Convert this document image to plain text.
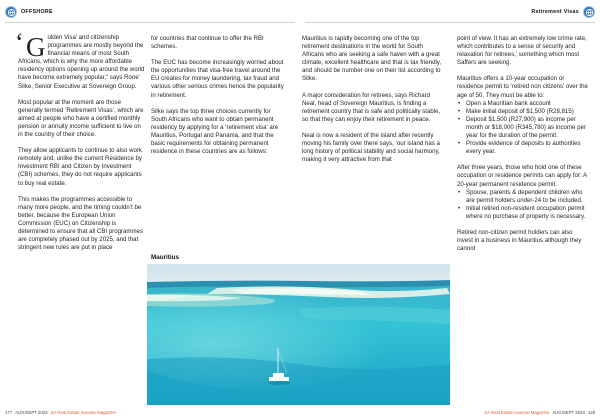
OFFSHORE	Retirement Visas

‘ G olden Visa’ and citizenship programmes are mostly beyond the financial means of most South Africans, which is why the more affordable residency options opening up around the world have become extremely popular,” says Rone’ Silke, Senior Executive at Sovereign Group.

Most popular at the moment are those generally termed ‘Retirement Visas’, which are aimed at people who have a certified monthly pension or annuity income sufficient to live on in the country of their choice.

They allow applicants to continue to also work remotely and, unlike the current Residence by Investment RBI and Citizen by Investment (CBI) schemes, they do not require applicants to buy real estate.

This makes the programmes accessible to many more people, and the timing couldn’t be better, because the European Union Commission (EUC) on Citizenship is determined to ensure that all CBI programmes are completely phased out by 2025, and that stringent new rules are put in place

for countries that continue to offer the RBI schemes.

The EUC has become increasingly worried about the opportunities that visa-free travel around the EU creates for money laundering, tax fraud and various other serious crimes hence the popularity in retirement.

Silke says the top three choices currently for South Africans who want to obtain permanent residency by applying for a ‘retirement visa’ are Mauritius, Portugal and Panama, and that the basic requirements for obtaining permanent residence in these countries are as follows:

Mauritius

Mauritius is rapidly becoming one of the top retirement destinations in the world for South Africans who are seeking a safe haven with a great climate, excellent healthcare and that is tax friendly, and should be number one on their list according to Silke.

A major consideration for retirees, says Richard Neal, head of Sovereign Mauritius, is finding a retirement country that is safe and politically stable, so that they can enjoy their retirement in peace.

Neal is now a resident of the island after recently moving his family over there says, ‘our island has a long history of political stability and social harmony, making it very attractive from that

point of view. It has an extremely low crime rate, which contributes to a sense of security and relaxation for retirees,’ something which most Saffers are seeking.

Mauritius offers a 10-year occupation or residence permit to ‘retired non citizens’ over the age of 50. They must be able to:

• Open a Mauritian bank account
• Make initial deposit of $1,500 (R28,815)
• Deposit $1,500 (R27,900) as income per month or $18,000 (R345,780) as income per year for the duration of the permit.
• Provide evidence of deposits to authorities every year.

After three years, those who hold one of these occupation or residence permits can apply for: A 20-year permanent residence permit.

• Spouse, parents & dependent children who are permit holders under-24 to be included.
• Initial retired non-resident occupation permit where no purchase of property is necessary.

Retired non-citizen permit holders can also invest in a business in Mauritius although they cannot

177 AUG/SEPT 2023 SA Real Estate Investor Magazine	SA Real Estate Investor Magazine AUG/SEPT 2023 128
